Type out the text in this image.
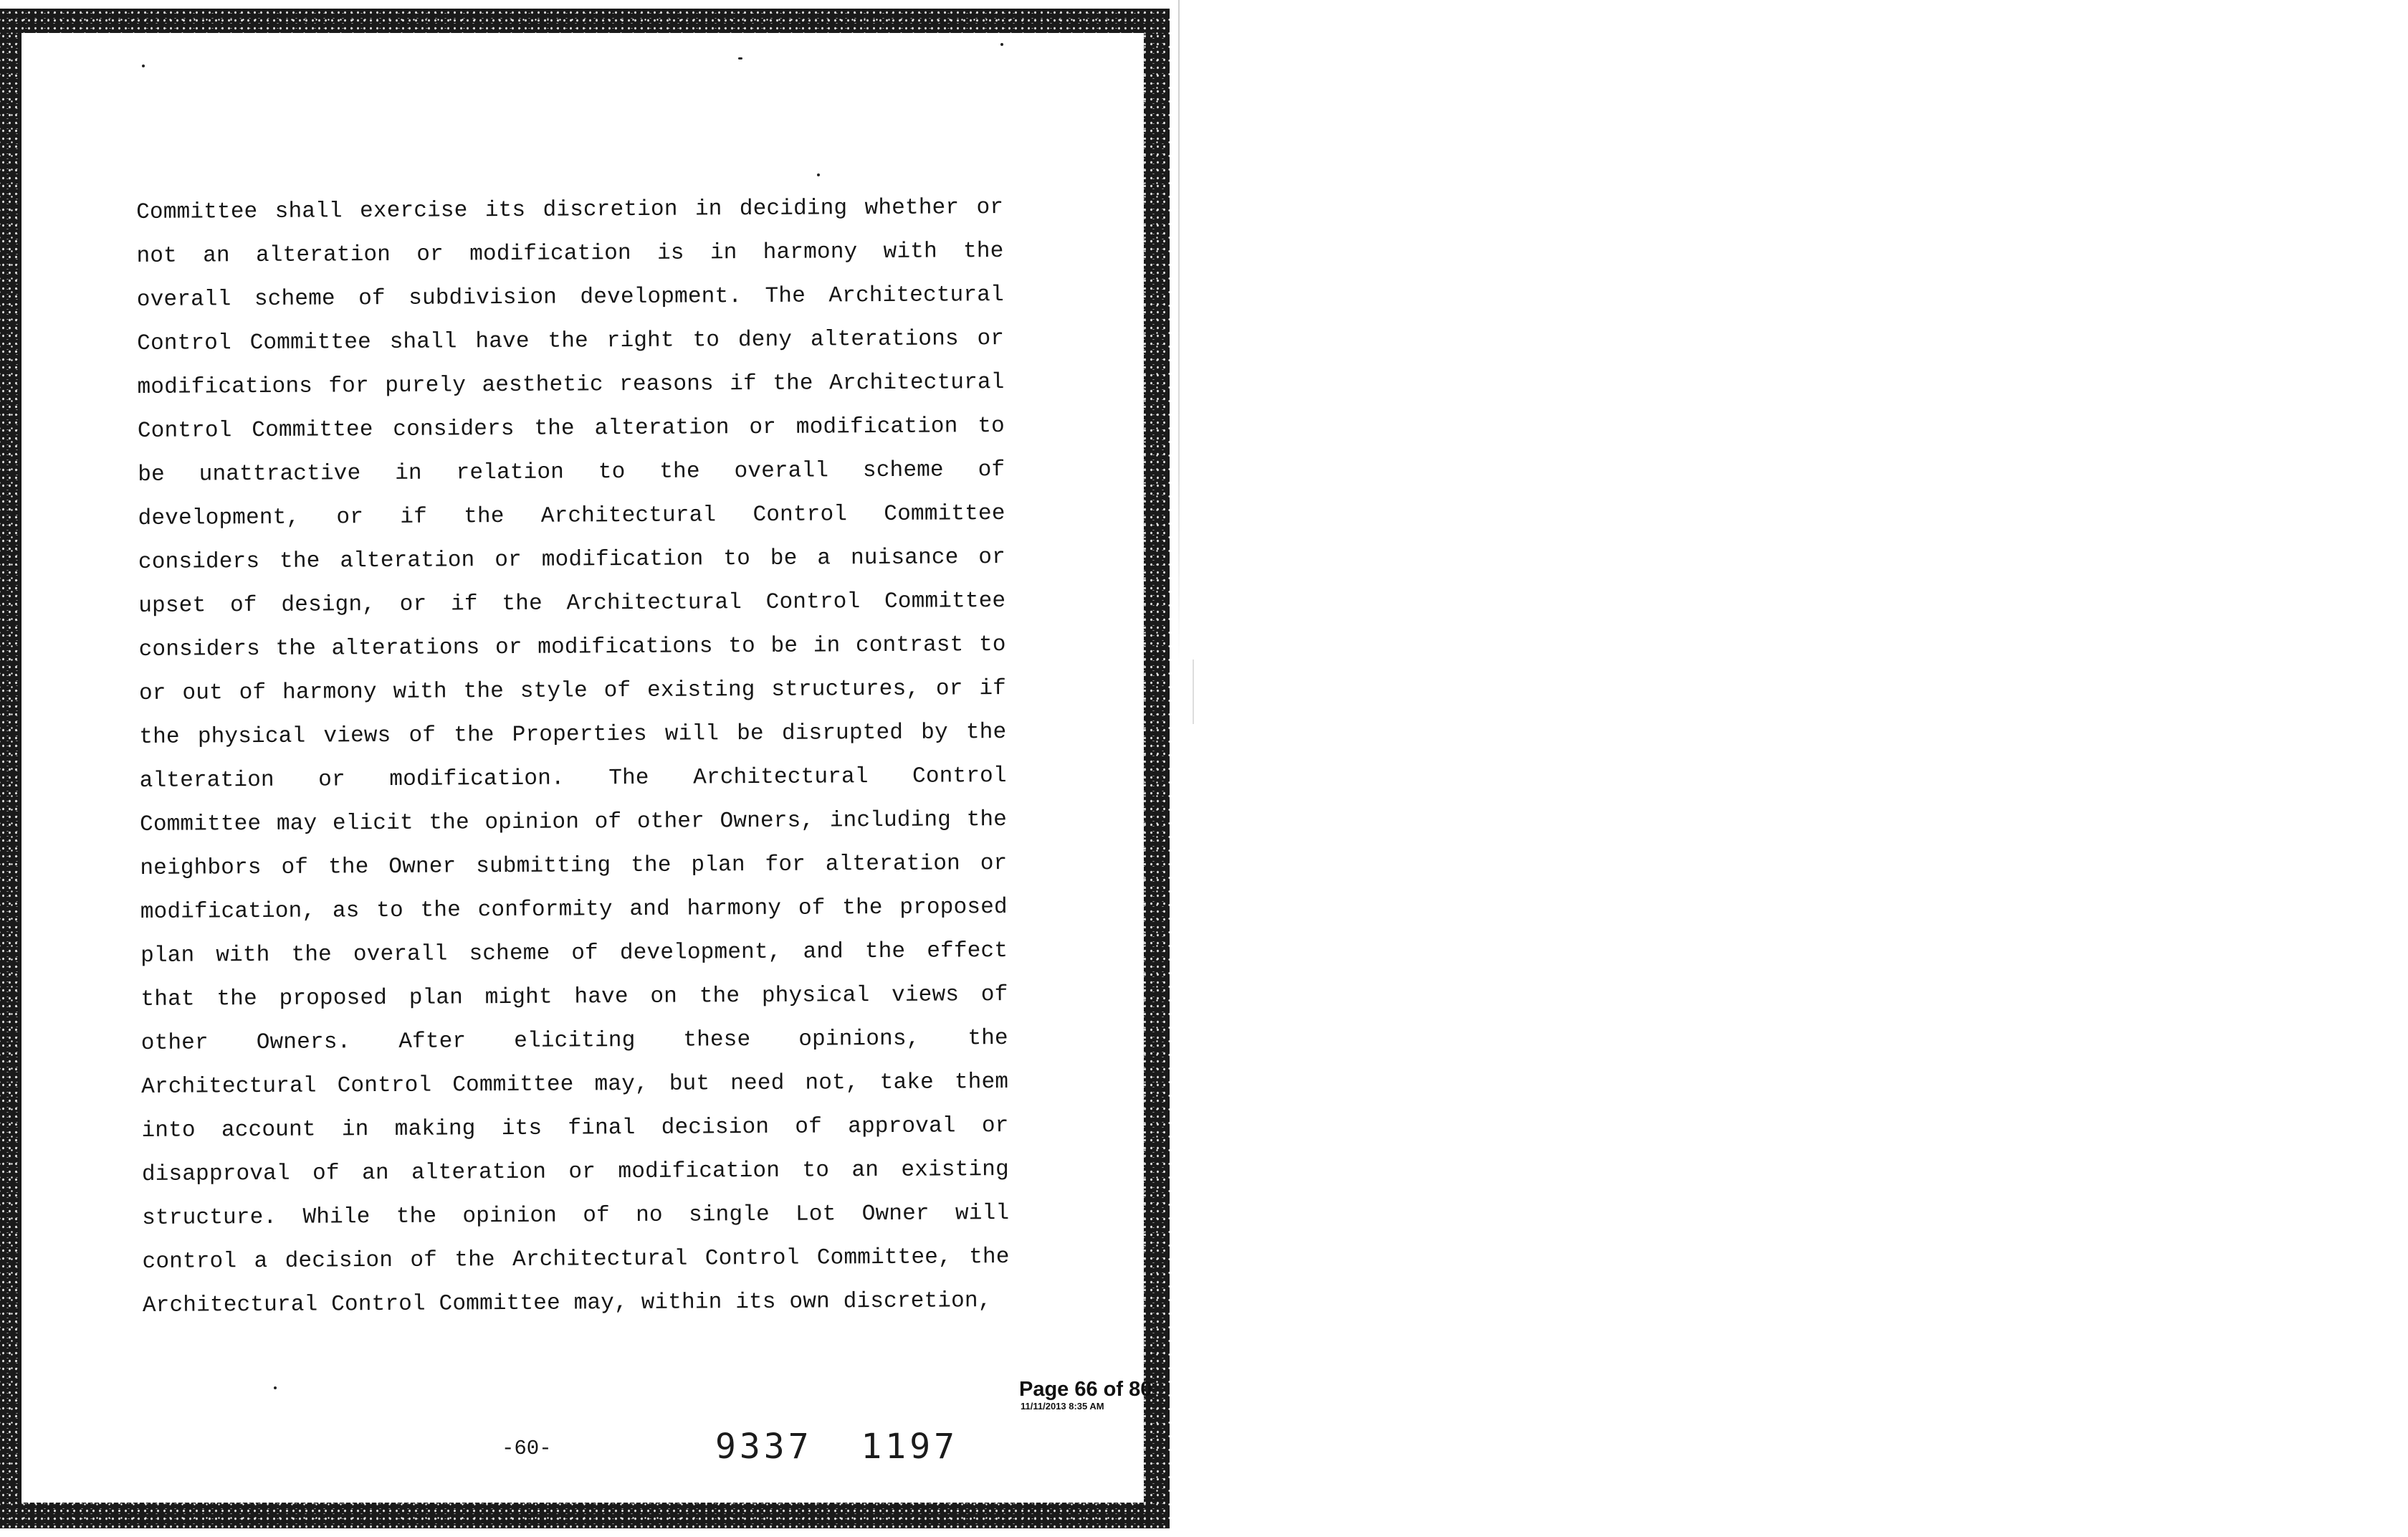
Committee shall exercise its discretion in deciding whether or
not an alteration or modification is in harmony with the
overall scheme of subdivision development. The Architectural
Control Committee shall have the right to deny alterations or
modifications for purely aesthetic reasons if the Architectural
Control Committee considers the alteration or modification to
be unattractive in relation to the overall scheme of
development, or if the Architectural Control Committee
considers the alteration or modification to be a nuisance or
upset of design, or if the Architectural Control Committee
considers the alterations or modifications to be in contrast to
or out of harmony with the style of existing structures, or if
the physical views of the Properties will be disrupted by the
alteration or modification. The Architectural Control
Committee may elicit the opinion of other Owners, including the
neighbors of the Owner submitting the plan for alteration or
modification, as to the conformity and harmony of the proposed
plan with the overall scheme of development, and the effect
that the proposed plan might have on the physical views of
other Owners. After eliciting these opinions, the
Architectural Control Committee may, but need not, take them
into account in making its final decision of approval or
disapproval of an alteration or modification to an existing
structure. While the opinion of no single Lot Owner will
control a decision of the Architectural Control Committee, the
Architectural Control Committee may, within its own discretion,
Page 66 of 80
11/11/2013 8:35 AM
-60-	9337  1197
